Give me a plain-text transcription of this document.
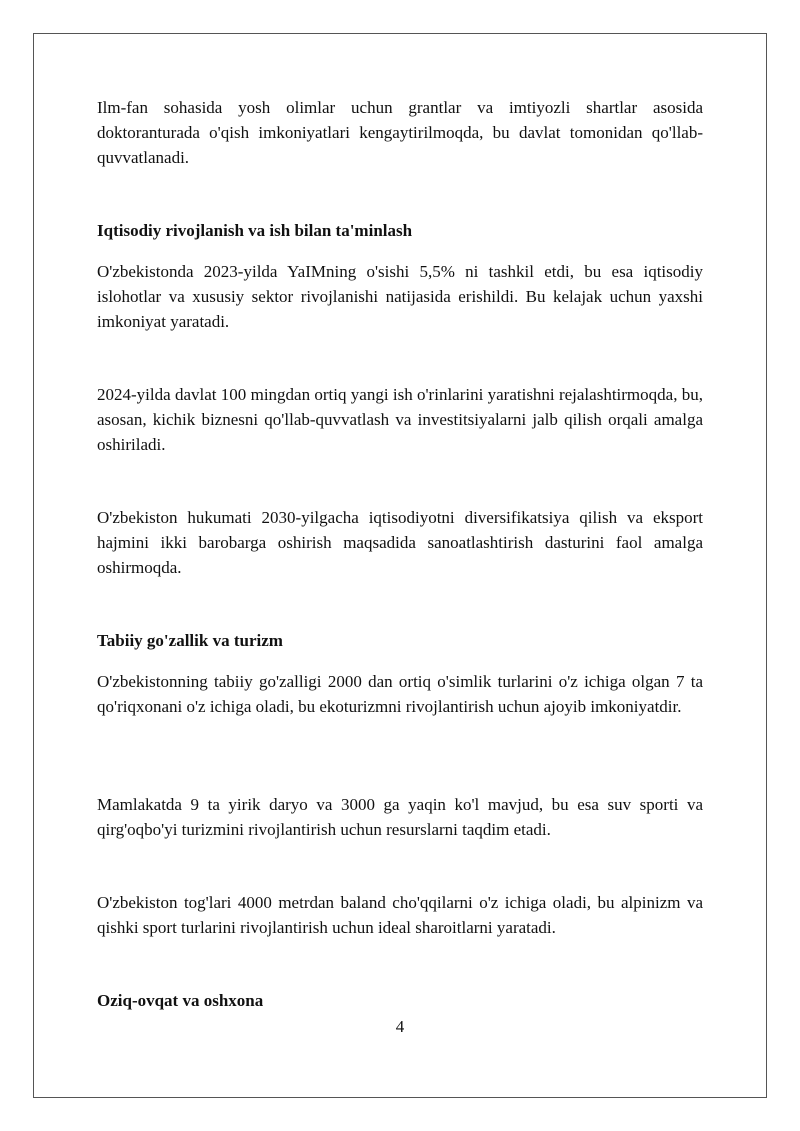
Ilm-fan sohasida yosh olimlar uchun grantlar va imtiyozli shartlar asosida doktoranturada o'qish imkoniyatlari kengaytirilmoqda, bu davlat tomonidan qo'llab-quvvatlanadi.

Iqtisodiy rivojlanish va ish bilan ta'minlash

O'zbekistonda 2023-yilda YaIMning o'sishi 5,5% ni tashkil etdi, bu esa iqtisodiy islohotlar va xususiy sektor rivojlanishi natijasida erishildi. Bu kelajak uchun yaxshi imkoniyat yaratadi.

2024-yilda davlat 100 mingdan ortiq yangi ish o'rinlarini yaratishni rejalashtirmoqda, bu, asosan, kichik biznesni qo'llab-quvvatlash va investitsiyalarni jalb qilish orqali amalga oshiriladi.

O'zbekiston hukumati 2030-yilgacha iqtisodiyotni diversifikatsiya qilish va eksport hajmini ikki barobarga oshirish maqsadida sanoatlashtirish dasturini faol amalga oshirmoqda.

Tabiiy go'zallik va turizm

O'zbekistonning tabiiy go'zalligi 2000 dan ortiq o'simlik turlarini o'z ichiga olgan 7 ta qo'riqxonani o'z ichiga oladi, bu ekoturizmni rivojlantirish uchun ajoyib imkoniyatdir.

Mamlakatda 9 ta yirik daryo va 3000 ga yaqin ko'l mavjud, bu esa suv sporti va qirg'oqbo'yi turizmini rivojlantirish uchun resurslarni taqdim etadi.

O'zbekiston tog'lari 4000 metrdan baland cho'qqilarni o'z ichiga oladi, bu alpinizm va qishki sport turlarini rivojlantirish uchun ideal sharoitlarni yaratadi.

Oziq-ovqat va oshxona
4
